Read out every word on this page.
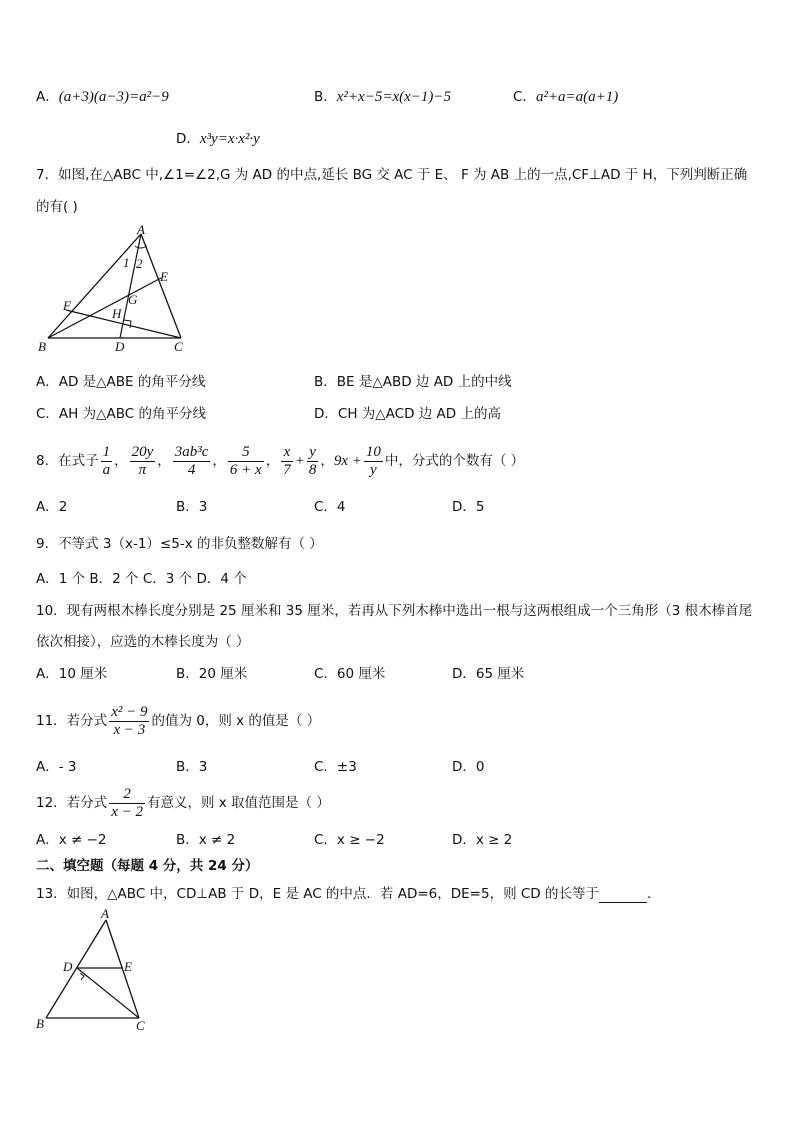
A．(a+3)(a−3)=a²−9	B．x²+x−5=x(x−1)−5	C．a²+a=a(a+1)
D．x³y=x·x²·y
7．如图,在△ABC 中,∠1=∠2,G 为 AD 的中点,延长 BG 交 AC 于 E、 F 为 AB 上的一点,CF⊥AD 于 H，下列判断正确
的有( )
A
B	C
D
E
F	G
H
1 2
A．AD 是△ABE 的角平分线	B．BE 是△ABD 边 AD 上的中线
C．AH 为△ABC 的角平分线	D．CH 为△ACD 边 AD 上的高
8．在式子 $\frac{1}{a}$ ， $\frac{20y}{\pi}$ ， $\frac{\text{3ab³c}}{4}$ ， $\frac{5}{6 + x}$ ， $\frac{x}{7} + \frac{y}{8}$ ， $9x + \frac{10}{y}$ 中，分式的个数有（ ）
A．2	B．3	C．4	D．5
9．不等式 3（x-1）≤5-x 的非负整数解有（ ）
A．1 个 B．2 个 C．3 个 D．4 个
10．现有两根木棒长度分别是 25 厘米和 35 厘米，若再从下列木棒中选出一根与这两根组成一个三角形（3 根木棒首尾
依次相接），应选的木棒长度为（ ）
A．10 厘米	B．20 厘米	C．60 厘米	D．65 厘米
11．若分式 $\frac{\text{x² − 9}}{x - 3}$ 的值为 0，则 x 的值是（ ）
A．- 3	B．3	C．±3	D．0
12．若分式 $\frac{2}{x - 2}$ 有意义，则 x 取值范围是（ ）
A．x ≠ −2	B．x ≠ 2	C．x ≥ −2	D．x ≥ 2
二、填空题（每题 4 分，共 24 分）
13．如图，△ABC 中，CD⊥AB 于 D，E 是 AC 的中点．若 AD=6，DE=5，则 CD 的长等于	．
A
B	C
D	E
